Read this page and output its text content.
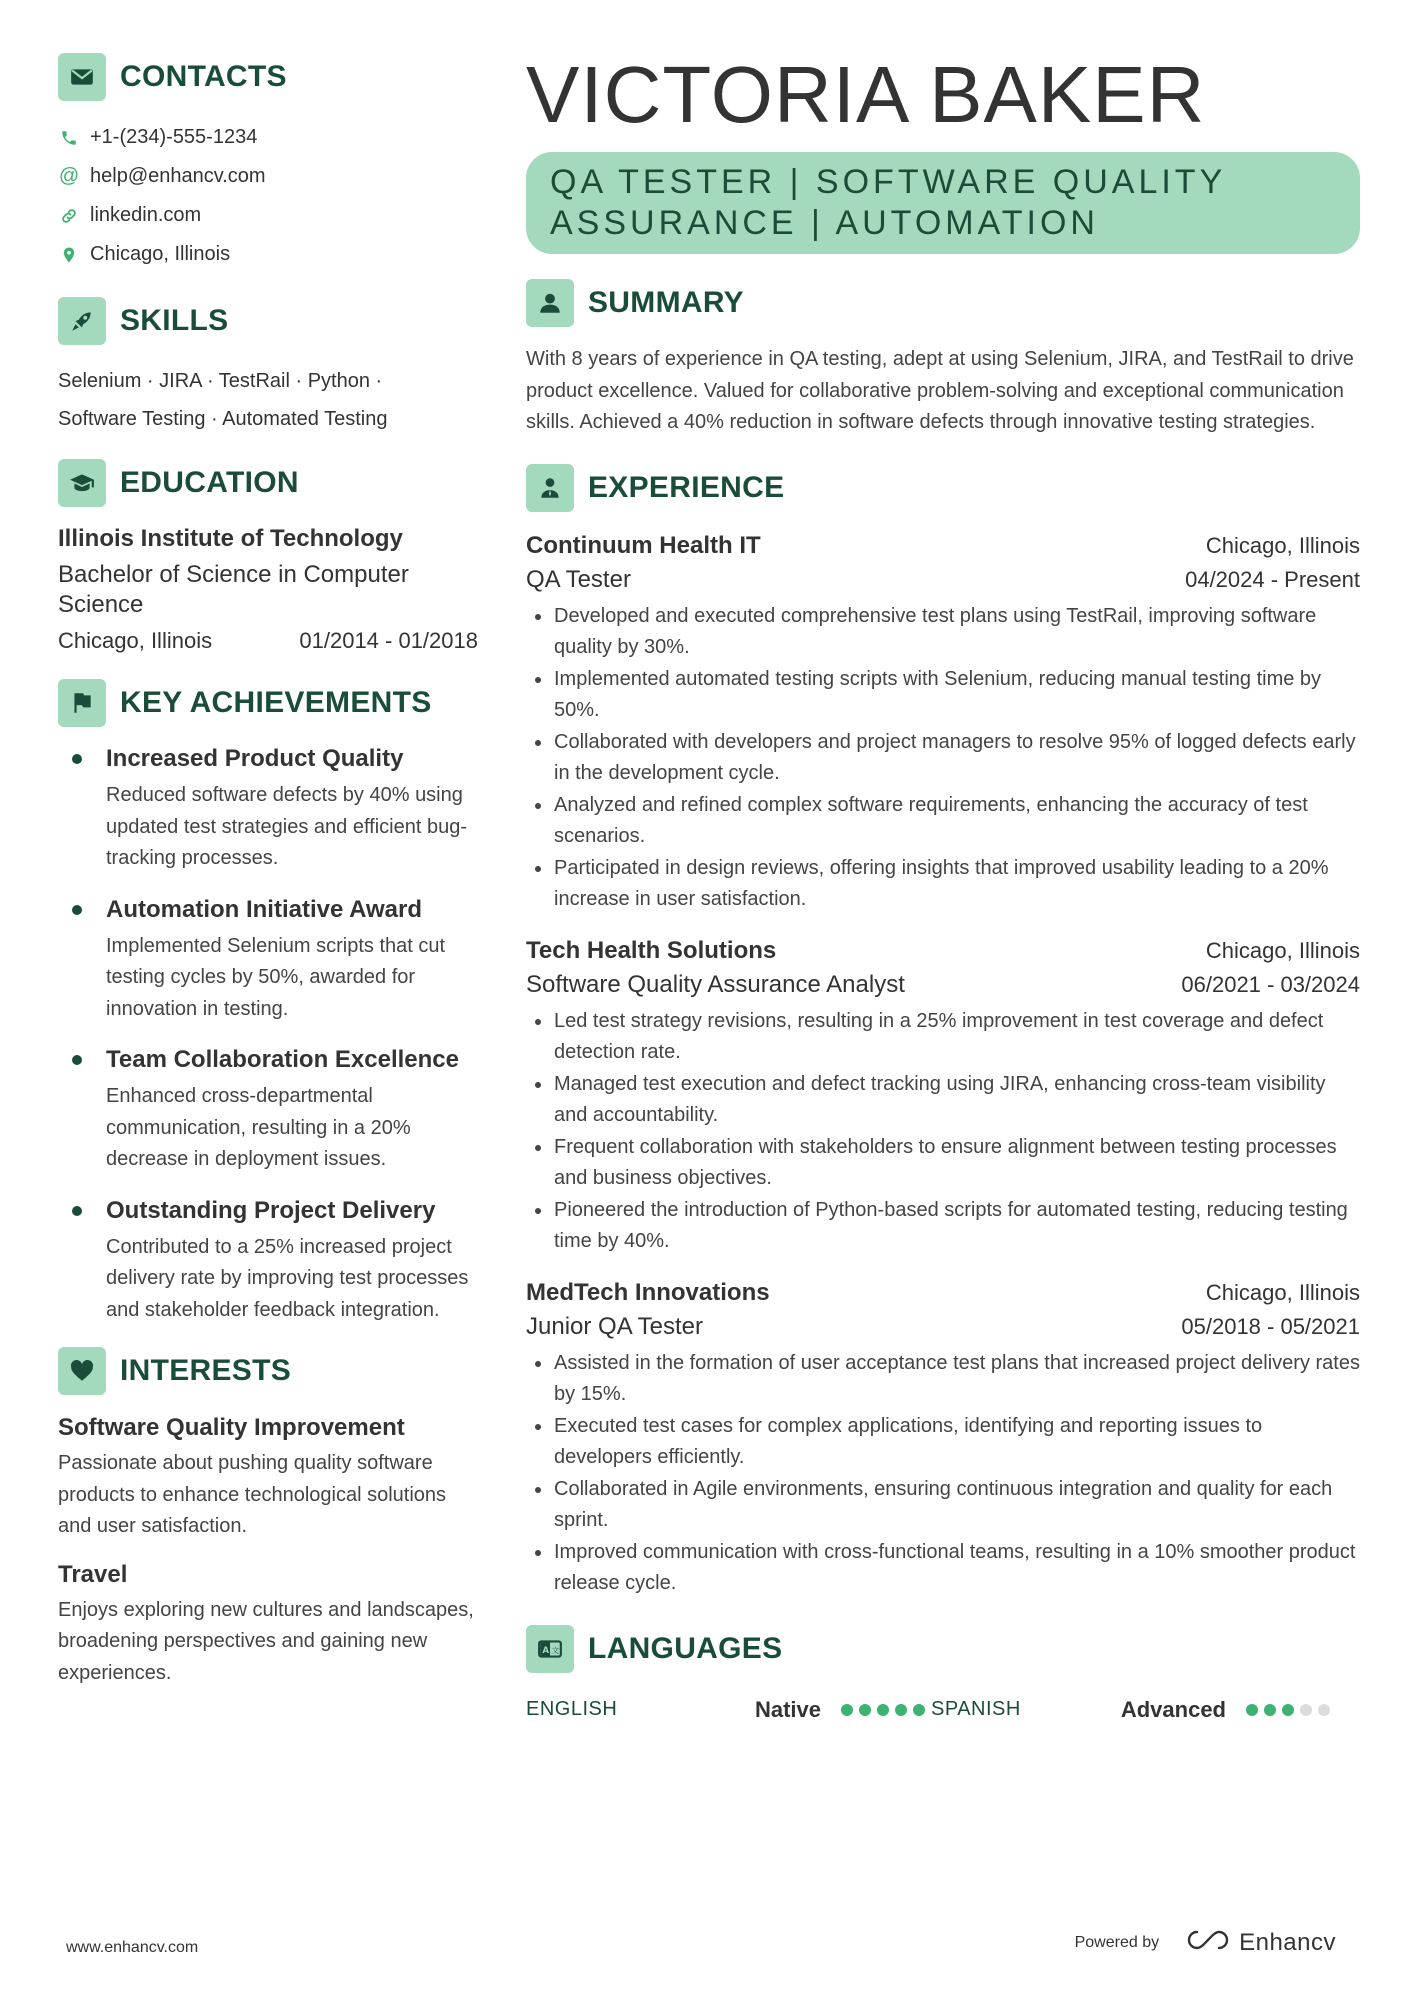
CONTACTS
+1-(234)-555-1234
@ help@enhancv.com
linkedin.com
Chicago, Illinois
SKILLS
Selenium · JIRA · TestRail · Python ·
Software Testing · Automated Testing
EDUCATION
Illinois Institute of Technology
Bachelor of Science in Computer Science
Chicago, Illinois	01/2014 - 01/2018
KEY ACHIEVEMENTS
Increased Product Quality
Reduced software defects by 40% using updated test strategies and efficient bug-tracking processes.
Automation Initiative Award
Implemented Selenium scripts that cut testing cycles by 50%, awarded for innovation in testing.
Team Collaboration Excellence
Enhanced cross-departmental communication, resulting in a 20% decrease in deployment issues.
Outstanding Project Delivery
Contributed to a 25% increased project delivery rate by improving test processes and stakeholder feedback integration.
INTERESTS
Software Quality Improvement
Passionate about pushing quality software products to enhance technological solutions and user satisfaction.
Travel
Enjoys exploring new cultures and landscapes, broadening perspectives and gaining new experiences.
VICTORIA BAKER
QA TESTER | SOFTWARE QUALITY
ASSURANCE | AUTOMATION
SUMMARY

With 8 years of experience in QA testing, adept at using Selenium, JIRA, and TestRail to drive product excellence. Valued for collaborative problem-solving and exceptional communication skills. Achieved a 40% reduction in software defects through innovative testing strategies.

EXPERIENCE
Continuum Health IT	Chicago, Illinois
QA Tester	04/2024 - Present
Developed and executed comprehensive test plans using TestRail, improving software quality by 30%.
Implemented automated testing scripts with Selenium, reducing manual testing time by 50%.
Collaborated with developers and project managers to resolve 95% of logged defects early in the development cycle.
Analyzed and refined complex software requirements, enhancing the accuracy of test scenarios.
Participated in design reviews, offering insights that improved usability leading to a 20% increase in user satisfaction.
Tech Health Solutions	Chicago, Illinois
Software Quality Assurance Analyst	06/2021 - 03/2024
Led test strategy revisions, resulting in a 25% improvement in test coverage and defect detection rate.
Managed test execution and defect tracking using JIRA, enhancing cross-team visibility and accountability.
Frequent collaboration with stakeholders to ensure alignment between testing processes and business objectives.
Pioneered the introduction of Python-based scripts for automated testing, reducing testing time by 40%.
MedTech Innovations	Chicago, Illinois
Junior QA Tester	05/2018 - 05/2021
Assisted in the formation of user acceptance test plans that increased project delivery rates by 15%.
Executed test cases for complex applications, identifying and reporting issues to developers efficiently.
Collaborated in Agile environments, ensuring continuous integration and quality for each sprint.
Improved communication with cross-functional teams, resulting in a 10% smoother product release cycle.
A 文 LANGUAGES
ENGLISH	Native	SPANISH	Advanced
www.enhancv.com	Powered by	Enhancv
